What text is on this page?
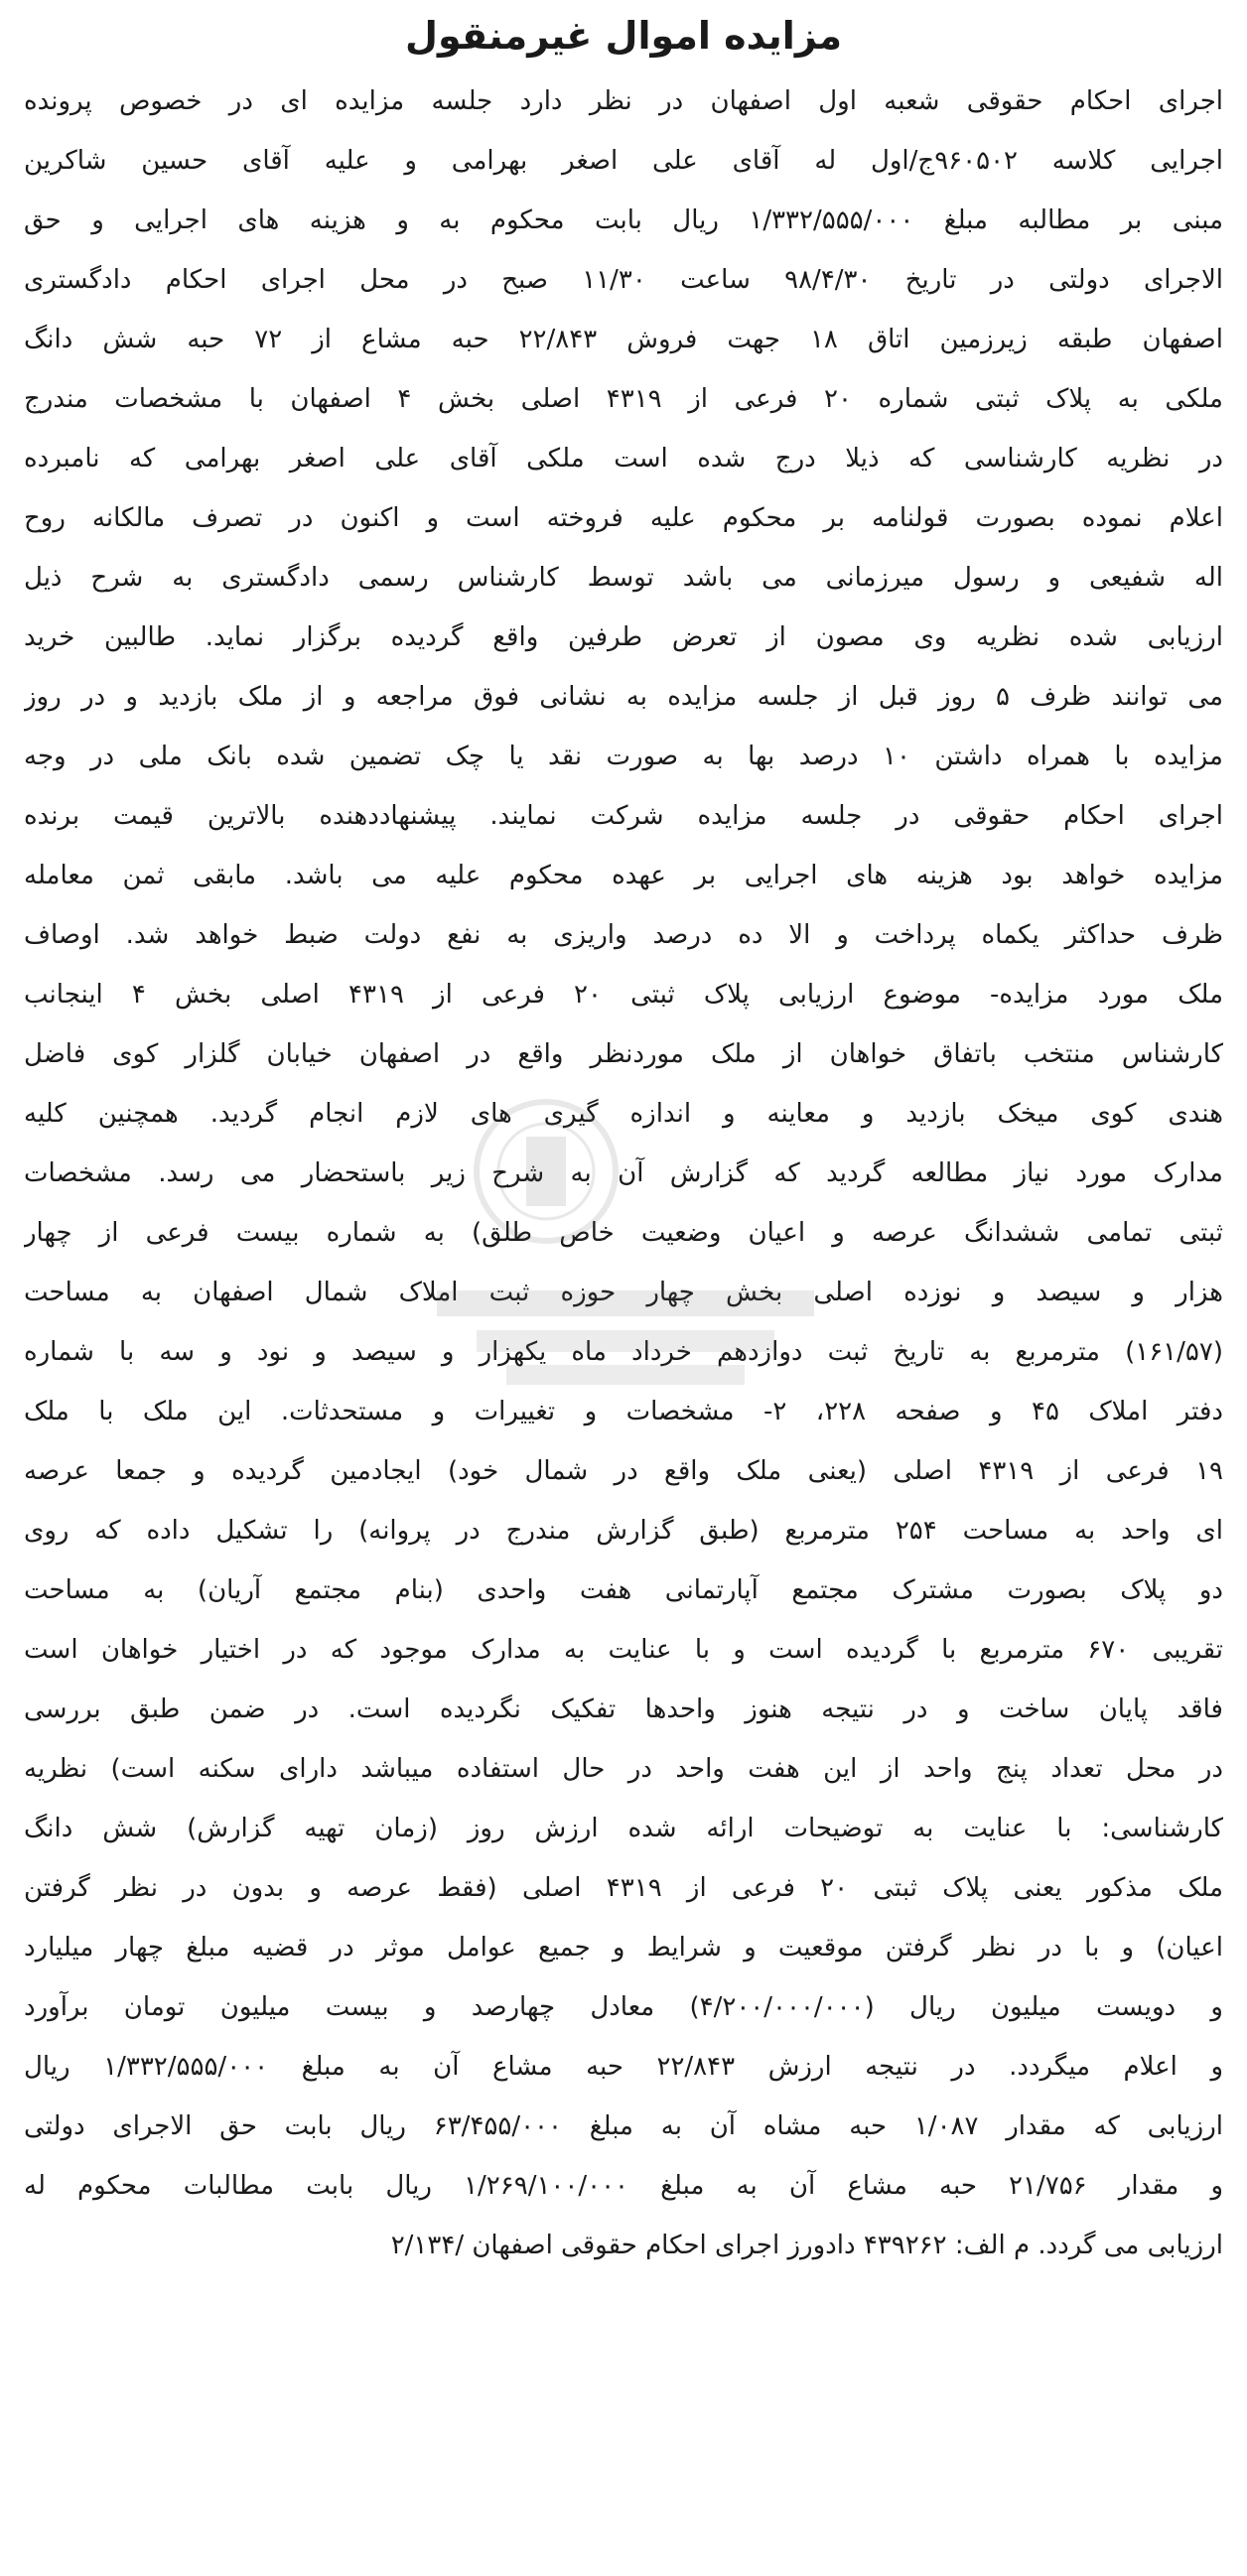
مزایده اموال غیرمنقول
اجرای احکام حقوقی شعبه اول اصفهان در نظر دارد جلسه مزایده ای در خصوص پرونده
اجرایی کلاسه ۹۶۰۵۰۲ج/اول له آقای علی اصغر بهرامی و علیه آقای حسین شاکرین
مبنی بر مطالبه مبلغ ۱/۳۳۲/۵۵۵/۰۰۰ ریال بابت محکوم به و هزینه های اجرایی و حق
الاجرای دولتی در تاریخ ۹۸/۴/۳۰ ساعت ۱۱/۳۰ صبح در محل اجرای احکام دادگستری
اصفهان طبقه زیرزمین اتاق ۱۸ جهت فروش ۲۲/۸۴۳ حبه مشاع از ۷۲ حبه شش دانگ
ملکی به پلاک ثبتی شماره ۲۰ فرعی از ۴۳۱۹ اصلی بخش ۴ اصفهان با مشخصات مندرج
در نظریه کارشناسی که ذیلا درج شده است ملکی آقای علی اصغر بهرامی که نامبرده
اعلام نموده بصورت قولنامه بر محکوم علیه فروخته است و اکنون در تصرف مالکانه روح
اله شفیعی و رسول میرزمانی می باشد توسط کارشناس رسمی دادگستری به شرح ذیل
ارزیابی شده نظریه وی مصون از تعرض طرفین واقع گردیده برگزار نماید. طالبین خرید
می توانند ظرف ۵ روز قبل از جلسه مزایده به نشانی فوق مراجعه و از ملک بازدید و در روز
مزایده با همراه داشتن ۱۰ درصد بها به صورت نقد یا چک تضمین شده بانک ملی در وجه
اجرای احکام حقوقی در جلسه مزایده شرکت نمایند. پیشنهاددهنده بالاترین قیمت برنده
مزایده خواهد بود هزینه های اجرایی بر عهده محکوم علیه می باشد. مابقی ثمن معامله
ظرف حداکثر یکماه پرداخت و الا ده درصد واریزی به نفع دولت ضبط خواهد شد. اوصاف
ملک مورد مزایده- موضوع ارزیابی پلاک ثبتی ۲۰ فرعی از ۴۳۱۹ اصلی بخش ۴ اینجانب
کارشناس منتخب باتفاق خواهان از ملک موردنظر واقع در اصفهان خیابان گلزار کوی فاضل
هندی کوی میخک بازدید و معاینه و اندازه گیری های لازم انجام گردید. همچنین کلیه
مدارک مورد نیاز مطالعه گردید که گزارش آن به شرح زیر باستحضار می رسد. مشخصات
ثبتی تمامی ششدانگ عرصه و اعیان وضعیت خاص طلق) به شماره بیست فرعی از چهار
هزار و سیصد و نوزده اصلی بخش چهار حوزه ثبت املاک شمال اصفهان به مساحت
(۱۶۱/۵۷) مترمربع به تاریخ ثبت دوازدهم خرداد ماه یکهزار و سیصد و نود و سه با شماره
دفتر املاک ۴۵ و صفحه ۲۲۸، ۲- مشخصات و تغییرات و مستحدثات. این ملک با ملک
۱۹ فرعی از ۴۳۱۹ اصلی (یعنی ملک واقع در شمال خود) ایجادمین گردیده و جمعا عرصه
ای واحد به مساحت ۲۵۴ مترمربع (طبق گزارش مندرج در پروانه) را تشکیل داده که روی
دو پلاک بصورت مشترک مجتمع آپارتمانی هفت واحدی (بنام مجتمع آریان) به مساحت
تقریبی ۶۷۰ مترمربع با گردیده است و با عنایت به مدارک موجود که در اختیار خواهان است
فاقد پایان ساخت و در نتیجه هنوز واحدها تفکیک نگردیده است. در ضمن طبق بررسی
در محل تعداد پنج واحد از این هفت واحد در حال استفاده میباشد دارای سکنه است) نظریه
کارشناسی: با عنایت به توضیحات ارائه شده ارزش روز (زمان تهیه گزارش) شش دانگ
ملک مذکور یعنی پلاک ثبتی ۲۰ فرعی از ۴۳۱۹ اصلی (فقط عرصه و بدون در نظر گرفتن
اعیان) و با در نظر گرفتن موقعیت و شرایط و جمیع عوامل موثر در قضیه مبلغ چهار میلیارد
و دویست میلیون ریال (۴/۲۰۰/۰۰۰/۰۰۰) معادل چهارصد و بیست میلیون تومان برآورد
و اعلام میگردد. در نتیجه ارزش ۲۲/۸۴۳ حبه مشاع آن به مبلغ ۱/۳۳۲/۵۵۵/۰۰۰ ریال
ارزیابی که مقدار ۱/۰۸۷ حبه مشاه آن به مبلغ ۶۳/۴۵۵/۰۰۰ ریال بابت حق الاجرای دولتی
و مقدار ۲۱/۷۵۶ حبه مشاع آن به مبلغ ۱/۲۶۹/۱۰۰/۰۰۰ ریال بابت مطالبات محکوم له
ارزیابی می گردد. م الف: ۴۳۹۲۶۲ دادورز اجرای احکام حقوقی اصفهان /۲/۱۳۴
